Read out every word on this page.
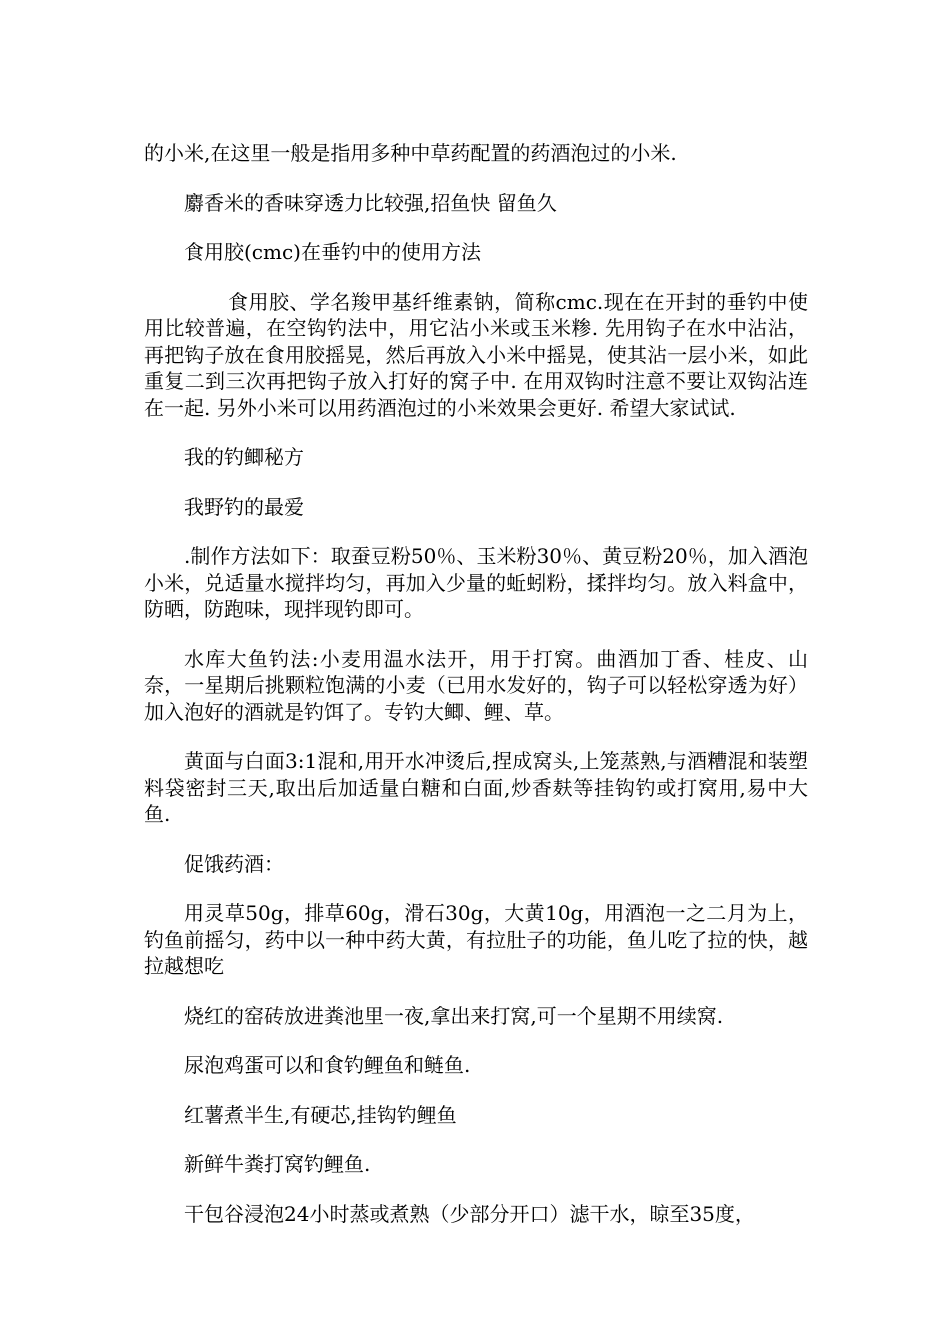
的小米,在这里一般是指用多种中草药配置的药酒泡过的小米.

麝香米的香味穿透力比较强,招鱼快 留鱼久

食用胶(cmc)在垂钓中的使用方法

食用胶、学名羧甲基纤维素钠，简称cmc.现在在开封的垂钓中使用比较普遍，在空钩钓法中，用它沾小米或玉米糁. 先用钩子在水中沾沾，再把钩子放在食用胶摇晃，然后再放入小米中摇晃，使其沾一层小米，如此重复二到三次再把钩子放入打好的窝子中. 在用双钩时注意不要让双钩沾连在一起. 另外小米可以用药酒泡过的小米效果会更好. 希望大家试试.

我的钓鲫秘方

我野钓的最爱

.制作方法如下：取蚕豆粉50％、玉米粉30％、黄豆粉20％，加入酒泡小米，兑适量水搅拌均匀，再加入少量的蚯蚓粉，揉拌均匀。放入料盒中，防晒，防跑味，现拌现钓即可。

水库大鱼钓法:小麦用温水法开，用于打窝。曲酒加丁香、桂皮、山奈，一星期后挑颗粒饱满的小麦（已用水发好的，钩子可以轻松穿透为好）加入泡好的酒就是钓饵了。专钓大鲫、鲤、草。

黄面与白面3:1混和,用开水冲烫后,捏成窝头,上笼蒸熟,与酒糟混和装塑料袋密封三天,取出后加适量白糖和白面,炒香麸等挂钩钓或打窝用,易中大鱼.

促饿药酒：

用灵草50g，排草60g，滑石30g，大黄10g，用酒泡一之二月为上，钓鱼前摇匀，药中以一种中药大黄，有拉肚子的功能，鱼儿吃了拉的快，越拉越想吃

烧红的窑砖放进粪池里一夜,拿出来打窝,可一个星期不用续窝.

尿泡鸡蛋可以和食钓鲤鱼和鲢鱼.

红薯煮半生,有硬芯,挂钩钓鲤鱼

新鲜牛粪打窝钓鲤鱼.

干包谷浸泡24小时蒸或煮熟（少部分开口）滤干水，晾至35度，
